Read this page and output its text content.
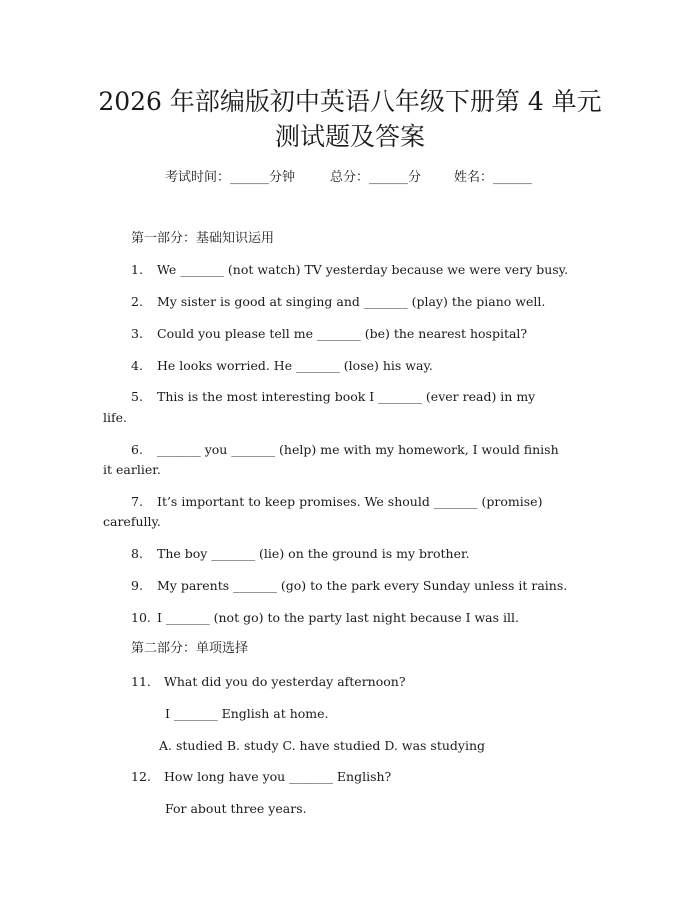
2026 年部编版初中英语八年级下册第 4 单元
测试题及答案
考试时间：______分钟	总分：______分	姓名：______
第一部分：基础知识运用
1. We _______ (not watch) TV yesterday because we were very busy.
2. My sister is good at singing and _______ (play) the piano well.
3. Could you please tell me _______ (be) the nearest hospital?
4. He looks worried. He _______ (lose) his way.
5. This is the most interesting book I _______ (ever read) in my
life.
6. _______ you _______ (help) me with my homework, I would finish
it earlier.
7. It’s important to keep promises. We should _______ (promise)
carefully.
8. The boy _______ (lie) on the ground is my brother.
9. My parents _______ (go) to the park every Sunday unless it rains.
10. I _______ (not go) to the party last night because I was ill.
第二部分：单项选择
11. What did you do yesterday afternoon?
I _______ English at home.
A. studied B. study C. have studied D. was studying
12. How long have you _______ English?
For about three years.
